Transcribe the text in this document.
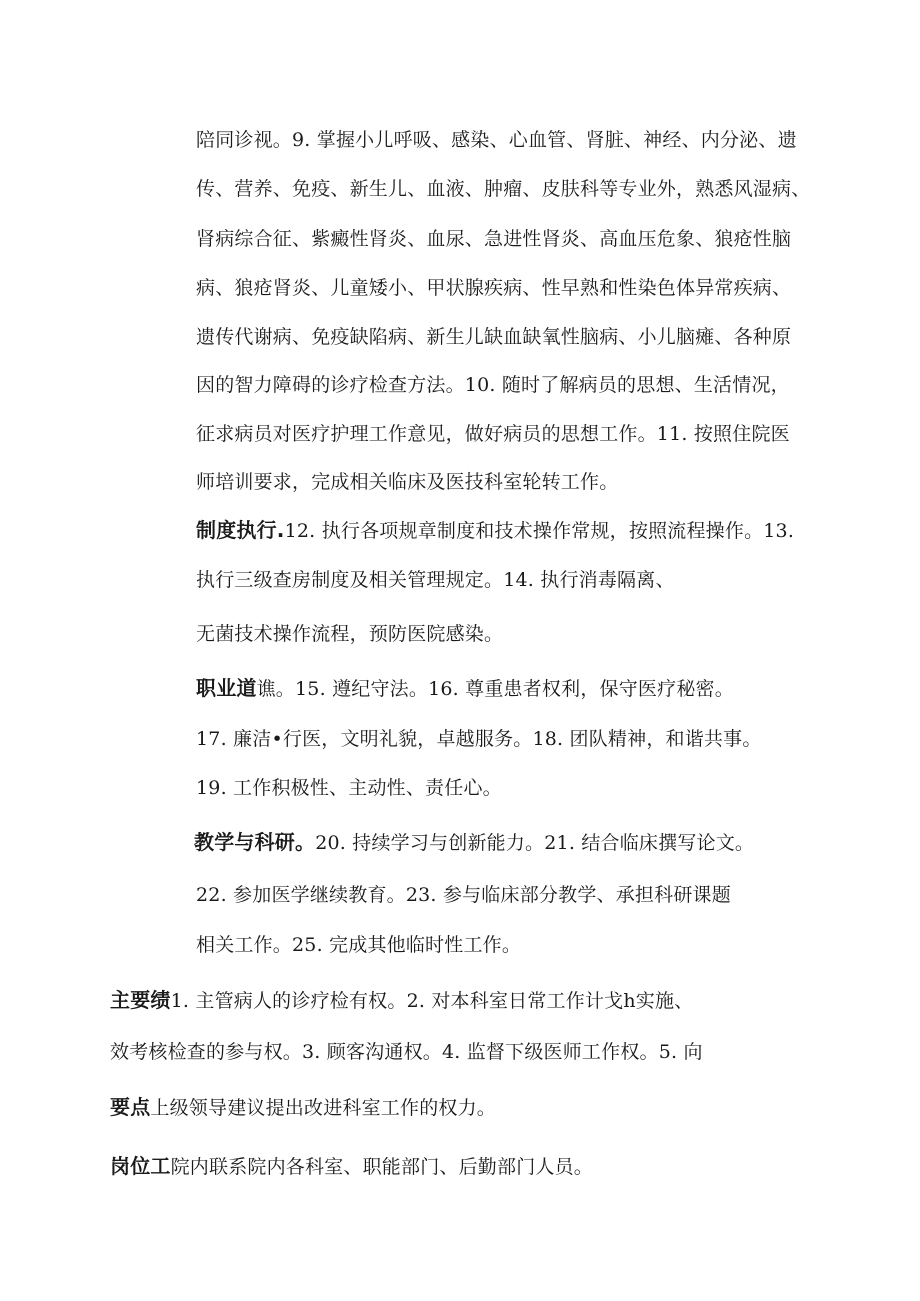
陪同诊视。9. 掌握小儿呼吸、感染、心血管、肾脏、神经、内分泌、遗
传、营养、免疫、新生儿、血液、肿瘤、皮肤科等专业外，熟悉风湿病、
肾病综合征、紫癜性肾炎、血尿、急进性肾炎、高血压危象、狼疮性脑
病、狼疮肾炎、儿童矮小、甲状腺疾病、性早熟和性染色体异常疾病、
遗传代谢病、免疫缺陷病、新生儿缺血缺氧性脑病、小儿脑瘫、各种原
因的智力障碍的诊疗检查方法。10. 随时了解病员的思想、生活情况，
征求病员对医疗护理工作意见，做好病员的思想工作。11. 按照住院医
师培训要求，完成相关临床及医技科室轮转工作。
制度执行.12. 执行各项规章制度和技术操作常规，按照流程操作。13.
执行三级查房制度及相关管理规定。14. 执行消毒隔离、
无菌技术操作流程，预防医院感染。
职业道谯。15. 遵纪守法。16. 尊重患者权利，保守医疗秘密。
17. 廉洁•行医，文明礼貌，卓越服务。18. 团队精神，和谐共事。
19. 工作积极性、主动性、责任心。
教学与科研。20. 持续学习与创新能力。21. 结合临床撰写论文。
22. 参加医学继续教育。23. 参与临床部分教学、承担科研课题
相关工作。25. 完成其他临时性工作。
主要绩1. 主管病人的诊疗检有权。2. 对本科室日常工作计戈h实施、
效考核检查的参与权。3. 顾客沟通权。4. 监督下级医师工作权。5. 向
要点上级领导建议提出改进科室工作的权力。
岗位工院内联系院内各科室、职能部门、后勤部门人员。
